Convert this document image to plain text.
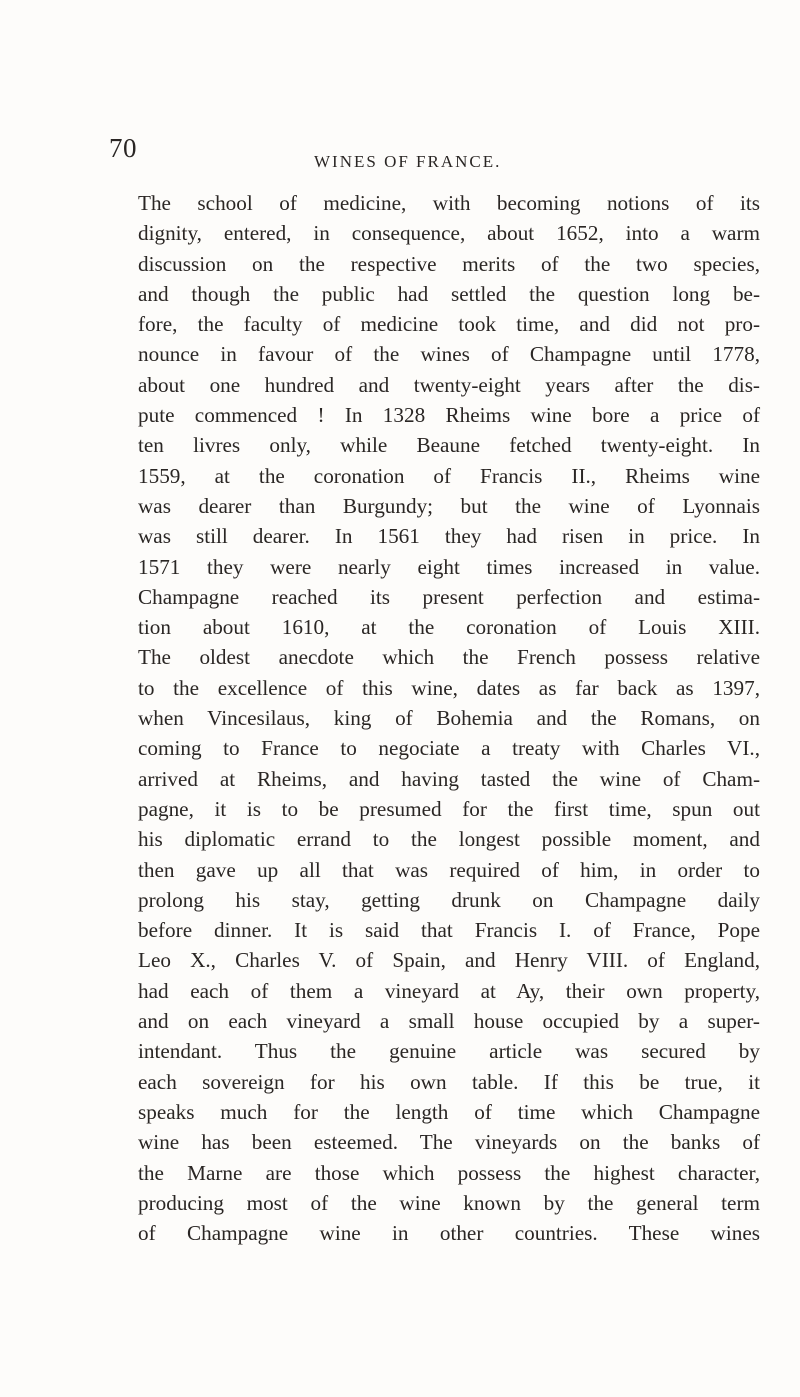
70	WINES OF FRANCE.
The school of medicine, with becoming notions of its
dignity, entered, in consequence, about 1652, into a warm
discussion on the respective merits of the two species,
and though the public had settled the question long be-
fore, the faculty of medicine took time, and did not pro-
nounce in favour of the wines of Champagne until 1778,
about one hundred and twenty-eight years after the dis-
pute commenced ! In 1328 Rheims wine bore a price of
ten livres only, while Beaune fetched twenty-eight. In
1559, at the coronation of Francis II., Rheims wine
was dearer than Burgundy; but the wine of Lyonnais
was still dearer. In 1561 they had risen in price. In
1571 they were nearly eight times increased in value.
Champagne reached its present perfection and estima-
tion about 1610, at the coronation of Louis XIII.
The oldest anecdote which the French possess relative
to the excellence of this wine, dates as far back as 1397,
when Vincesilaus, king of Bohemia and the Romans, on
coming to France to negociate a treaty with Charles VI.,
arrived at Rheims, and having tasted the wine of Cham-
pagne, it is to be presumed for the first time, spun out
his diplomatic errand to the longest possible moment, and
then gave up all that was required of him, in order to
prolong his stay, getting drunk on Champagne daily
before dinner. It is said that Francis I. of France, Pope
Leo X., Charles V. of Spain, and Henry VIII. of England,
had each of them a vineyard at Ay, their own property,
and on each vineyard a small house occupied by a super-
intendant. Thus the genuine article was secured by
each sovereign for his own table. If this be true, it
speaks much for the length of time which Champagne
wine has been esteemed. The vineyards on the banks of
the Marne are those which possess the highest character,
producing most of the wine known by the general term
of Champagne wine in other countries. These wines
